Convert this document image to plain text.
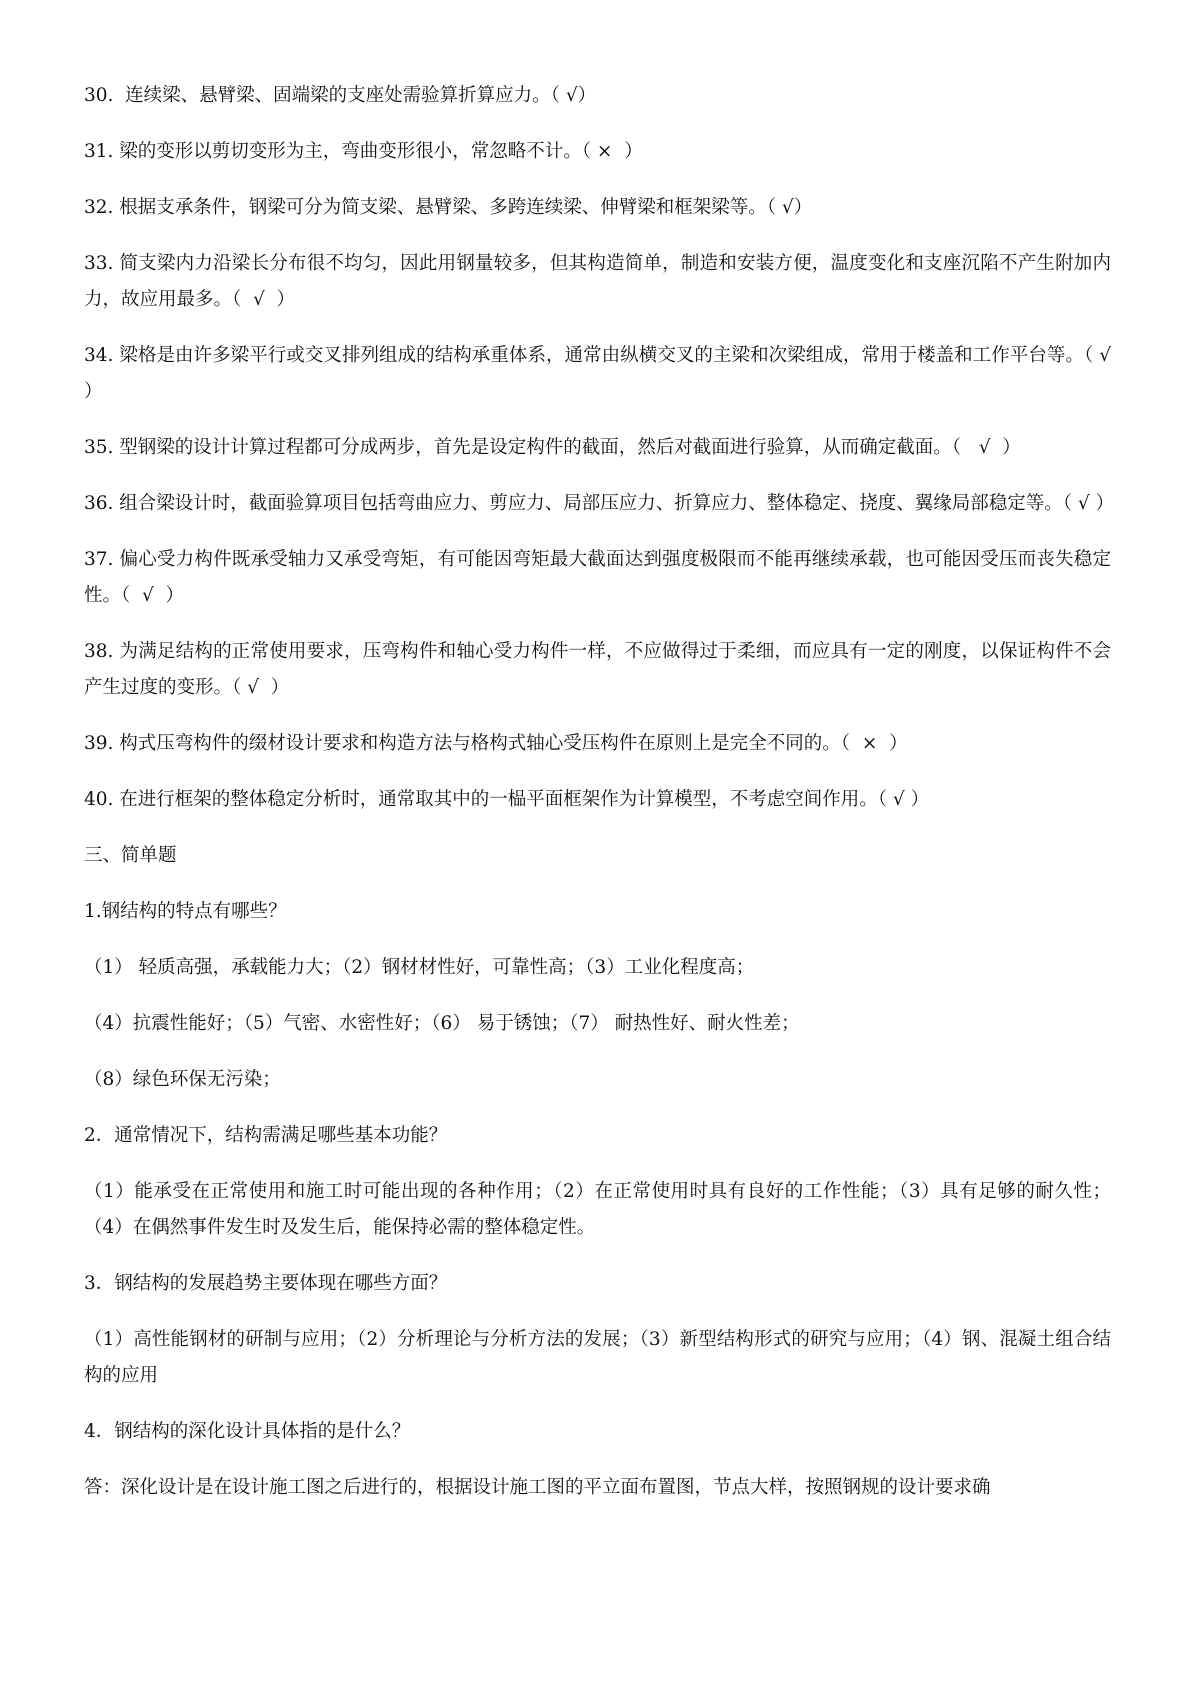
30.  连续梁、悬臂梁、固端梁的支座处需验算折算应力。（ √）

31. 梁的变形以剪切变形为主，弯曲变形很小，常忽略不计。（ ×  ）

32. 根据支承条件，钢梁可分为简支梁、悬臂梁、多跨连续梁、伸臂梁和框架梁等。（ √）

33. 简支梁内力沿梁长分布很不均匀，因此用钢量较多，但其构造简单，制造和安装方便，温度变化和支座沉陷不产生附加内力，故应用最多。（  √  ）

34. 梁格是由许多梁平行或交叉排列组成的结构承重体系，通常由纵横交叉的主梁和次梁组成，常用于楼盖和工作平台等。（ √ ）

35. 型钢梁的设计计算过程都可分成两步，首先是设定构件的截面，然后对截面进行验算，从而确定截面。（   √  ）

36. 组合梁设计时，截面验算项目包括弯曲应力、剪应力、局部压应力、折算应力、整体稳定、挠度、翼缘局部稳定等。（ √ ）

37. 偏心受力构件既承受轴力又承受弯矩，有可能因弯矩最大截面达到强度极限而不能再继续承载，也可能因受压而丧失稳定性。（  √  ）

38. 为满足结构的正常使用要求，压弯构件和轴心受力构件一样，不应做得过于柔细，而应具有一定的刚度，以保证构件不会产生过度的变形。（ √  ）

39. 构式压弯构件的缀材设计要求和构造方法与格构式轴心受压构件在原则上是完全不同的。（  ×  ）

40. 在进行框架的整体稳定分析时，通常取其中的一榀平面框架作为计算模型，不考虑空间作用。（ √ ）

三、简单题

1.钢结构的特点有哪些？

（1） 轻质高强，承载能力大；（2）钢材材性好，可靠性高；（3）工业化程度高；

（4）抗震性能好；（5）气密、水密性好；（6） 易于锈蚀；（7） 耐热性好、耐火性差；

（8）绿色环保无污染；

2．通常情况下，结构需满足哪些基本功能？

（1）能承受在正常使用和施工时可能出现的各种作用；（2）在正常使用时具有良好的工作性能；（3）具有足够的耐久性；（4）在偶然事件发生时及发生后，能保持必需的整体稳定性。

3．钢结构的发展趋势主要体现在哪些方面？

（1）高性能钢材的研制与应用；（2）分析理论与分析方法的发展；（3）新型结构形式的研究与应用；（4）钢、混凝土组合结构的应用

4．钢结构的深化设计具体指的是什么？

答：深化设计是在设计施工图之后进行的，根据设计施工图的平立面布置图，节点大样，按照钢规的设计要求确
